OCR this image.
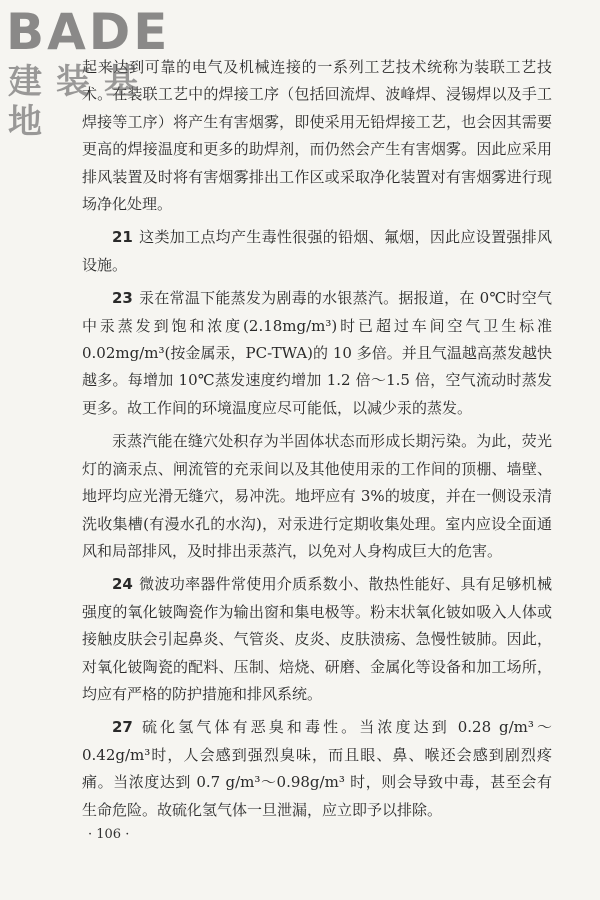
起来达到可靠的电气及机械连接的一系列工艺技术统称为装联工艺技术。在装联工艺中的焊接工序（包括回流焊、波峰焊、浸锡焊以及手工焊接等工序）将产生有害烟雾，即使采用无铅焊接工艺，也会因其需要更高的焊接温度和更多的助焊剂，而仍然会产生有害烟雾。因此应采用排风装置及时将有害烟雾排出工作区或采取净化装置对有害烟雾进行现场净化处理。

21 这类加工点均产生毒性很强的铅烟、氟烟，因此应设置强排风设施。

23 汞在常温下能蒸发为剧毒的水银蒸汽。据报道，在 0℃时空气中汞蒸发到饱和浓度(2.18mg/m³)时已超过车间空气卫生标准 0.02mg/m³(按金属汞，PC-TWA)的 10 多倍。并且气温越高蒸发越快越多。每增加 10℃蒸发速度约增加 1.2 倍～1.5 倍，空气流动时蒸发更多。故工作间的环境温度应尽可能低，以减少汞的蒸发。

汞蒸汽能在缝穴处积存为半固体状态而形成长期污染。为此，荧光灯的滴汞点、闸流管的充汞间以及其他使用汞的工作间的顶棚、墙壁、地坪均应光滑无缝穴，易冲洗。地坪应有 3%的坡度，并在一侧设汞清洗收集槽(有漫水孔的水沟)，对汞进行定期收集处理。室内应设全面通风和局部排风，及时排出汞蒸汽，以免对人身构成巨大的危害。

24 微波功率器件常使用介质系数小、散热性能好、具有足够机械强度的氧化铍陶瓷作为输出窗和集电极等。粉末状氧化铍如吸入人体或接触皮肤会引起鼻炎、气管炎、皮炎、皮肤溃疡、急慢性铍肺。因此，对氧化铍陶瓷的配料、压制、焙烧、研磨、金属化等设备和加工场所，均应有严格的防护措施和排风系统。

27 硫化氢气体有恶臭和毒性。当浓度达到 0.28 g/m³～0.42g/m³时，人会感到强烈臭味，而且眼、鼻、喉还会感到剧烈疼痛。当浓度达到 0.7 g/m³～0.98g/m³ 时，则会导致中毒，甚至会有生命危险。故硫化氢气体一旦泄漏，应立即予以排除。

BADE
建装基地
· 106 ·
